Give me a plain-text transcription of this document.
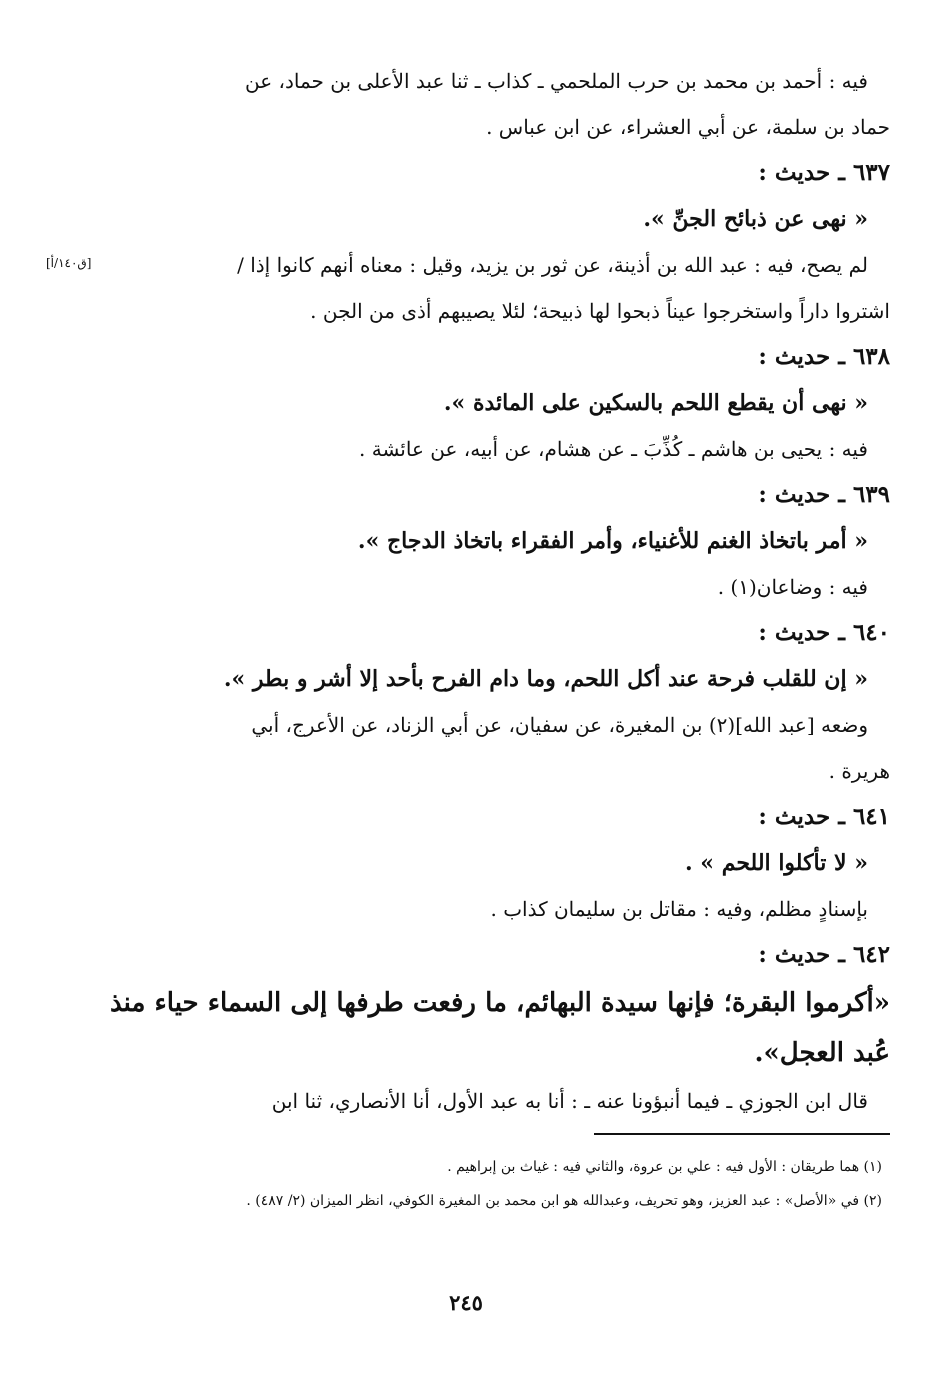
فيه : أحمد بن محمد بن حرب الملحمي ـ كذاب ـ ثنا عبد الأعلى بن حماد، عن

حماد بن سلمة، عن أبي العشراء، عن ابن عباس .

٦٣٧ ـ حديث :

« نهى عن ذبائح الجنِّ ».

لم يصح، فيه : عبد الله بن أذينة، عن ثور بن يزيد، وقيل : معناه أنهم كانوا إذا /

[ق١٤٠/أ]

اشتروا داراً واستخرجوا عيناً ذبحوا لها ذبيحة؛ لئلا يصيبهم أذى من الجن .

٦٣٨ ـ حديث :

« نهى أن يقطع اللحم بالسكين على المائدة ».

فيه : يحيى بن هاشم ـ كُذِّبَ ـ عن هشام، عن أبيه، عن عائشة .

٦٣٩ ـ حديث :

« أمر باتخاذ الغنم للأغنياء، وأمر الفقراء باتخاذ الدجاج ».

فيه : وضاعان(١) .

٦٤٠ ـ حديث :

« إن للقلب فرحة عند أكل اللحم، وما دام الفرح بأحد إلا أشر و بطر ».

وضعه [عبد الله](٢) بن المغيرة، عن سفيان، عن أبي الزناد، عن الأعرج، أبي

هريرة .

٦٤١ ـ حديث :

« لا تأكلوا اللحم » .

بإسنادٍ مظلم، وفيه : مقاتل بن سليمان كذاب .

٦٤٢ ـ حديث :

«أكرموا البقرة؛ فإنها سيدة البهائم، ما رفعت طرفها إلى السماء حياء منذ عُبد العجل».

قال ابن الجوزي ـ فيما أنبؤونا عنه ـ : أنا به عبد الأول، أنا الأنصاري، ثنا ابن

(١) هما طريقان : الأول فيه : علي بن عروة، والثاني فيه : غياث بن إبراهيم .

(٢) في «الأصل» : عبد العزيز، وهو تحريف، وعبدالله هو ابن محمد بن المغيرة الكوفي، انظر الميزان (٢/ ٤٨٧) .

٢٤٥
